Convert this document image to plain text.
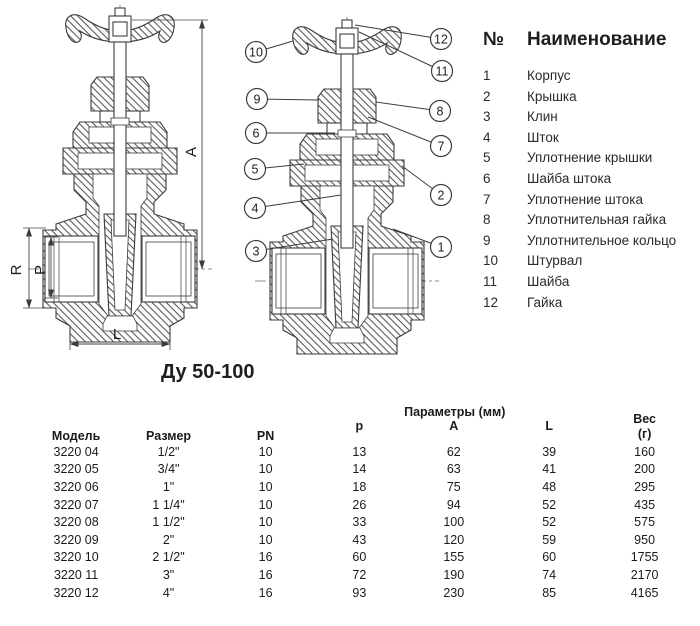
A
R P
L
10
12
11
9
8
6
7
5
2
4
3	1
№	Наименование
1	Корпус
2	Крышка
3	Клин
4	Шток
5	Уплотнение крышки
6	Шайба штока
7	Уплотнение штока
8	Уплотнительная гайка
9	Уплотнительное кольцо
10	Штурвал
11	Шайба
12	Гайка
Ду 50-100
Модель	Размер	PN	Параметры (мм)			Вес
(г)

			p	A	L	
3220 04	1/2"	10	13	62	39	160
3220 05	3/4"	10	14	63	41	200
3220 06	1"	10	18	75	48	295
3220 07	1 1/4"	10	26	94	52	435
3220 08	1 1/2"	10	33	100	52	575
3220 09	2"	10	43	120	59	950
3220 10	2 1/2"	16	60	155	60	1755
3220 11	3"	16	72	190	74	2170
3220 12	4"	16	93	230	85	4165
